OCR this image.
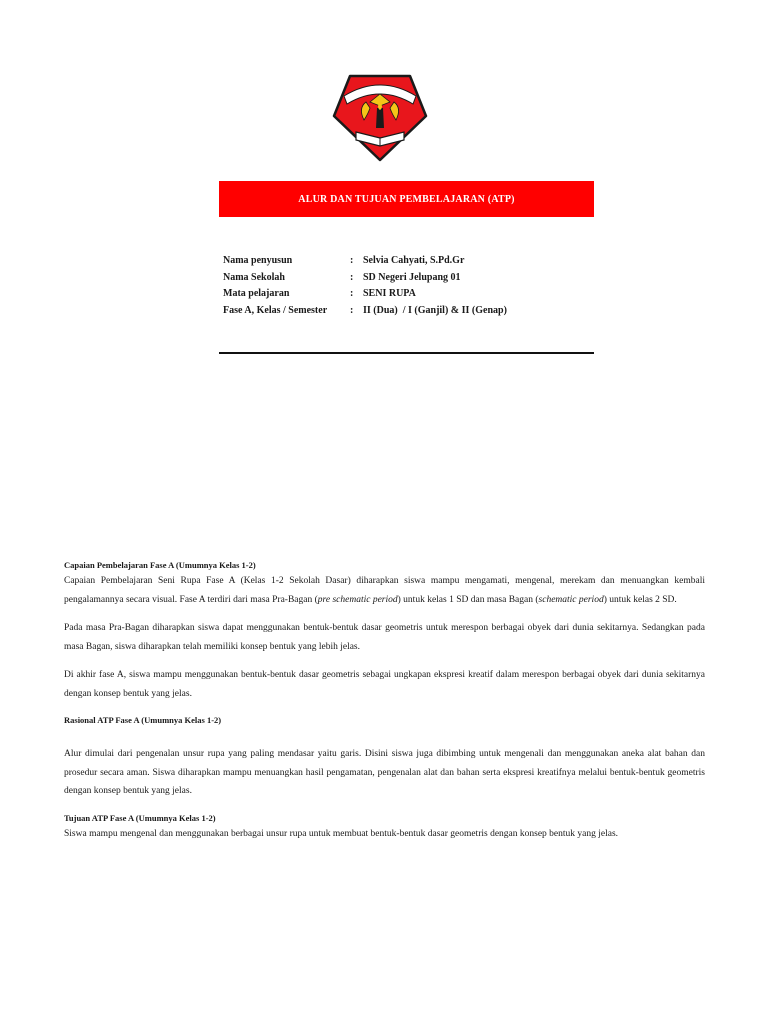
ALUR DAN TUJUAN PEMBELAJARAN (ATP)
Nama penyusun	: Selvia Cahyati, S.Pd.Gr
Nama Sekolah	: SD Negeri Jelupang 01
Mata pelajaran	: SENI RUPA
Fase A, Kelas / Semester	: II (Dua)  / I (Ganjil) & II (Genap)

Capaian Pembelajaran Fase A (Umumnya Kelas 1-2)

Capaian Pembelajaran Seni Rupa Fase A (Kelas 1-2 Sekolah Dasar) diharapkan siswa mampu mengamati, mengenal, merekam dan menuangkan kembali pengalamannya secara visual. Fase A terdiri dari masa Pra-Bagan (pre schematic period) untuk kelas 1 SD dan masa Bagan (schematic period) untuk kelas 2 SD.

Pada masa Pra-Bagan diharapkan siswa dapat menggunakan bentuk-bentuk dasar geometris untuk merespon berbagai obyek dari dunia sekitarnya. Sedangkan pada masa Bagan, siswa diharapkan telah memiliki konsep bentuk yang lebih jelas.

Di akhir fase A, siswa mampu menggunakan bentuk-bentuk dasar geometris sebagai ungkapan ekspresi kreatif dalam merespon berbagai obyek dari dunia sekitarnya dengan konsep bentuk yang jelas.

Rasional ATP Fase A (Umumnya Kelas 1-2)

Alur dimulai dari pengenalan unsur rupa yang paling mendasar yaitu garis. Disini siswa juga dibimbing untuk mengenali dan menggunakan aneka alat bahan dan prosedur secara aman. Siswa diharapkan mampu menuangkan hasil pengamatan, pengenalan alat dan bahan serta ekspresi kreatifnya melalui bentuk-bentuk geometris dengan konsep bentuk yang jelas.

Tujuan ATP Fase A (Umumnya Kelas 1-2)

Siswa mampu mengenal dan menggunakan berbagai unsur rupa untuk membuat bentuk-bentuk dasar geometris dengan konsep bentuk yang jelas.
